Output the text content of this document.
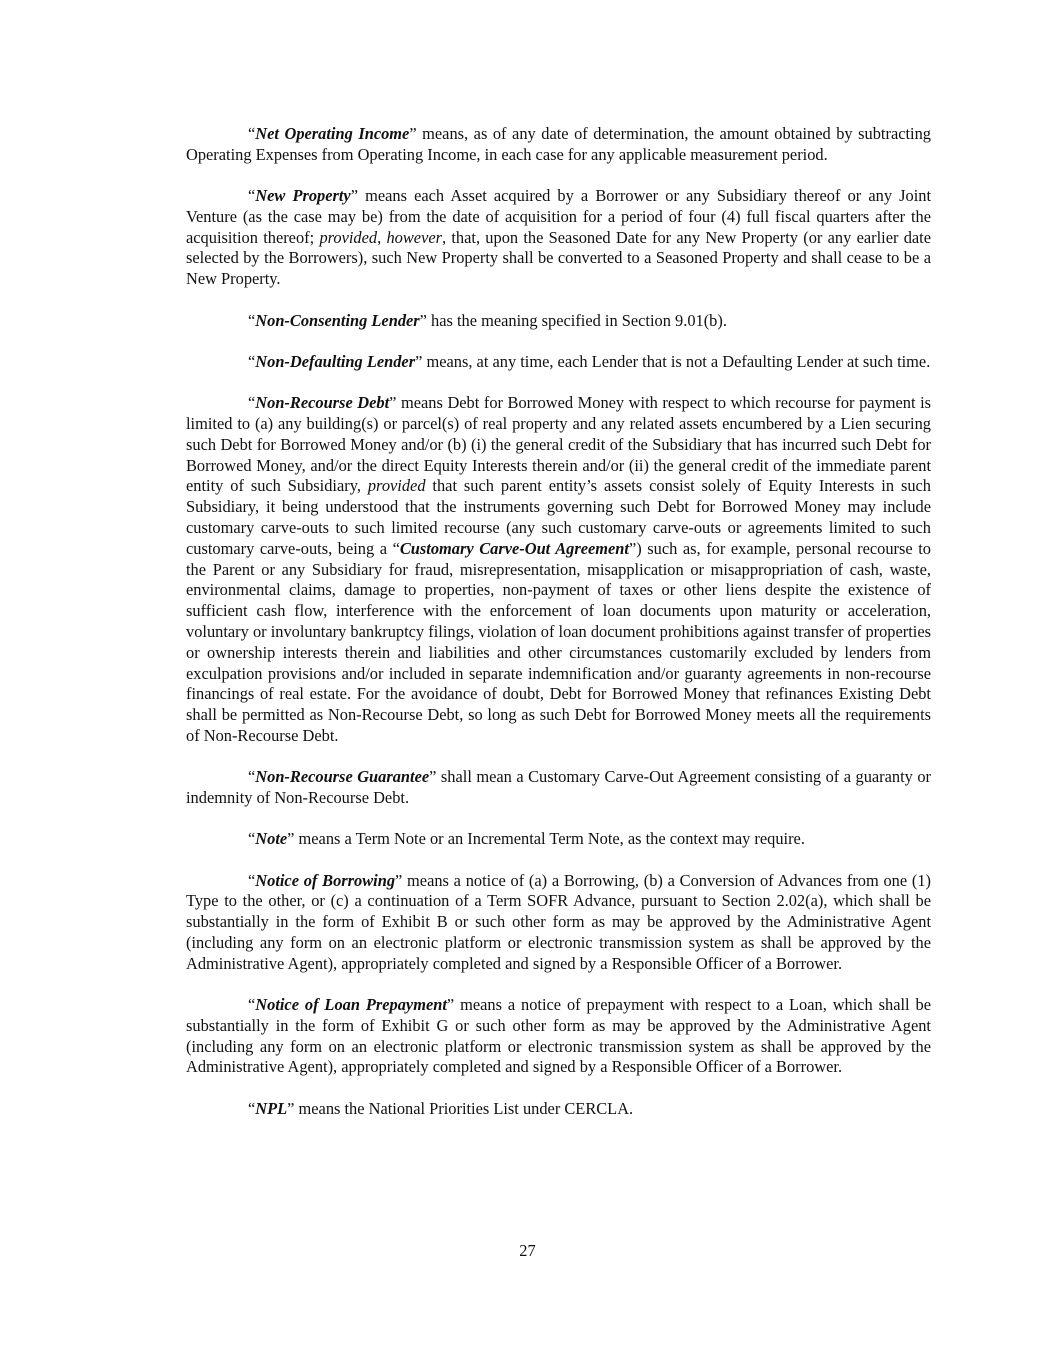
“Net Operating Income” means, as of any date of determination, the amount obtained by subtracting Operating Expenses from Operating Income, in each case for any applicable measurement period.

“New Property” means each Asset acquired by a Borrower or any Subsidiary thereof or any Joint Venture (as the case may be) from the date of acquisition for a period of four (4) full fiscal quarters after the acquisition thereof; provided, however, that, upon the Seasoned Date for any New Property (or any earlier date selected by the Borrowers), such New Property shall be converted to a Seasoned Property and shall cease to be a New Property.

“Non-Consenting Lender” has the meaning specified in Section 9.01(b).

“Non-Defaulting Lender” means, at any time, each Lender that is not a Defaulting Lender at such time.

“Non-Recourse Debt” means Debt for Borrowed Money with respect to which recourse for payment is limited to (a) any building(s) or parcel(s) of real property and any related assets encumbered by a Lien securing such Debt for Borrowed Money and/or (b) (i) the general credit of the Subsidiary that has incurred such Debt for Borrowed Money, and/or the direct Equity Interests therein and/or (ii) the general credit of the immediate parent entity of such Subsidiary, provided that such parent entity’s assets consist solely of Equity Interests in such Subsidiary, it being understood that the instruments governing such Debt for Borrowed Money may include customary carve-outs to such limited recourse (any such customary carve-outs or agreements limited to such customary carve-outs, being a “Customary Carve-Out Agreement”) such as, for example, personal recourse to the Parent or any Subsidiary for fraud, misrepresentation, misapplication or misappropriation of cash, waste, environmental claims, damage to properties, non-payment of taxes or other liens despite the existence of sufficient cash flow, interference with the enforcement of loan documents upon maturity or acceleration, voluntary or involuntary bankruptcy filings, violation of loan document prohibitions against transfer of properties or ownership interests therein and liabilities and other circumstances customarily excluded by lenders from exculpation provisions and/or included in separate indemnification and/or guaranty agreements in non-recourse financings of real estate. For the avoidance of doubt, Debt for Borrowed Money that refinances Existing Debt shall be permitted as Non-Recourse Debt, so long as such Debt for Borrowed Money meets all the requirements of Non-Recourse Debt.

“Non-Recourse Guarantee” shall mean a Customary Carve-Out Agreement consisting of a guaranty or indemnity of Non-Recourse Debt.

“Note” means a Term Note or an Incremental Term Note, as the context may require.

“Notice of Borrowing” means a notice of (a) a Borrowing, (b) a Conversion of Advances from one (1) Type to the other, or (c) a continuation of a Term SOFR Advance, pursuant to Section 2.02(a), which shall be substantially in the form of Exhibit B or such other form as may be approved by the Administrative Agent (including any form on an electronic platform or electronic transmission system as shall be approved by the Administrative Agent), appropriately completed and signed by a Responsible Officer of a Borrower.

“Notice of Loan Prepayment” means a notice of prepayment with respect to a Loan, which shall be substantially in the form of Exhibit G or such other form as may be approved by the Administrative Agent (including any form on an electronic platform or electronic transmission system as shall be approved by the Administrative Agent), appropriately completed and signed by a Responsible Officer of a Borrower.

“NPL” means the National Priorities List under CERCLA.

27
